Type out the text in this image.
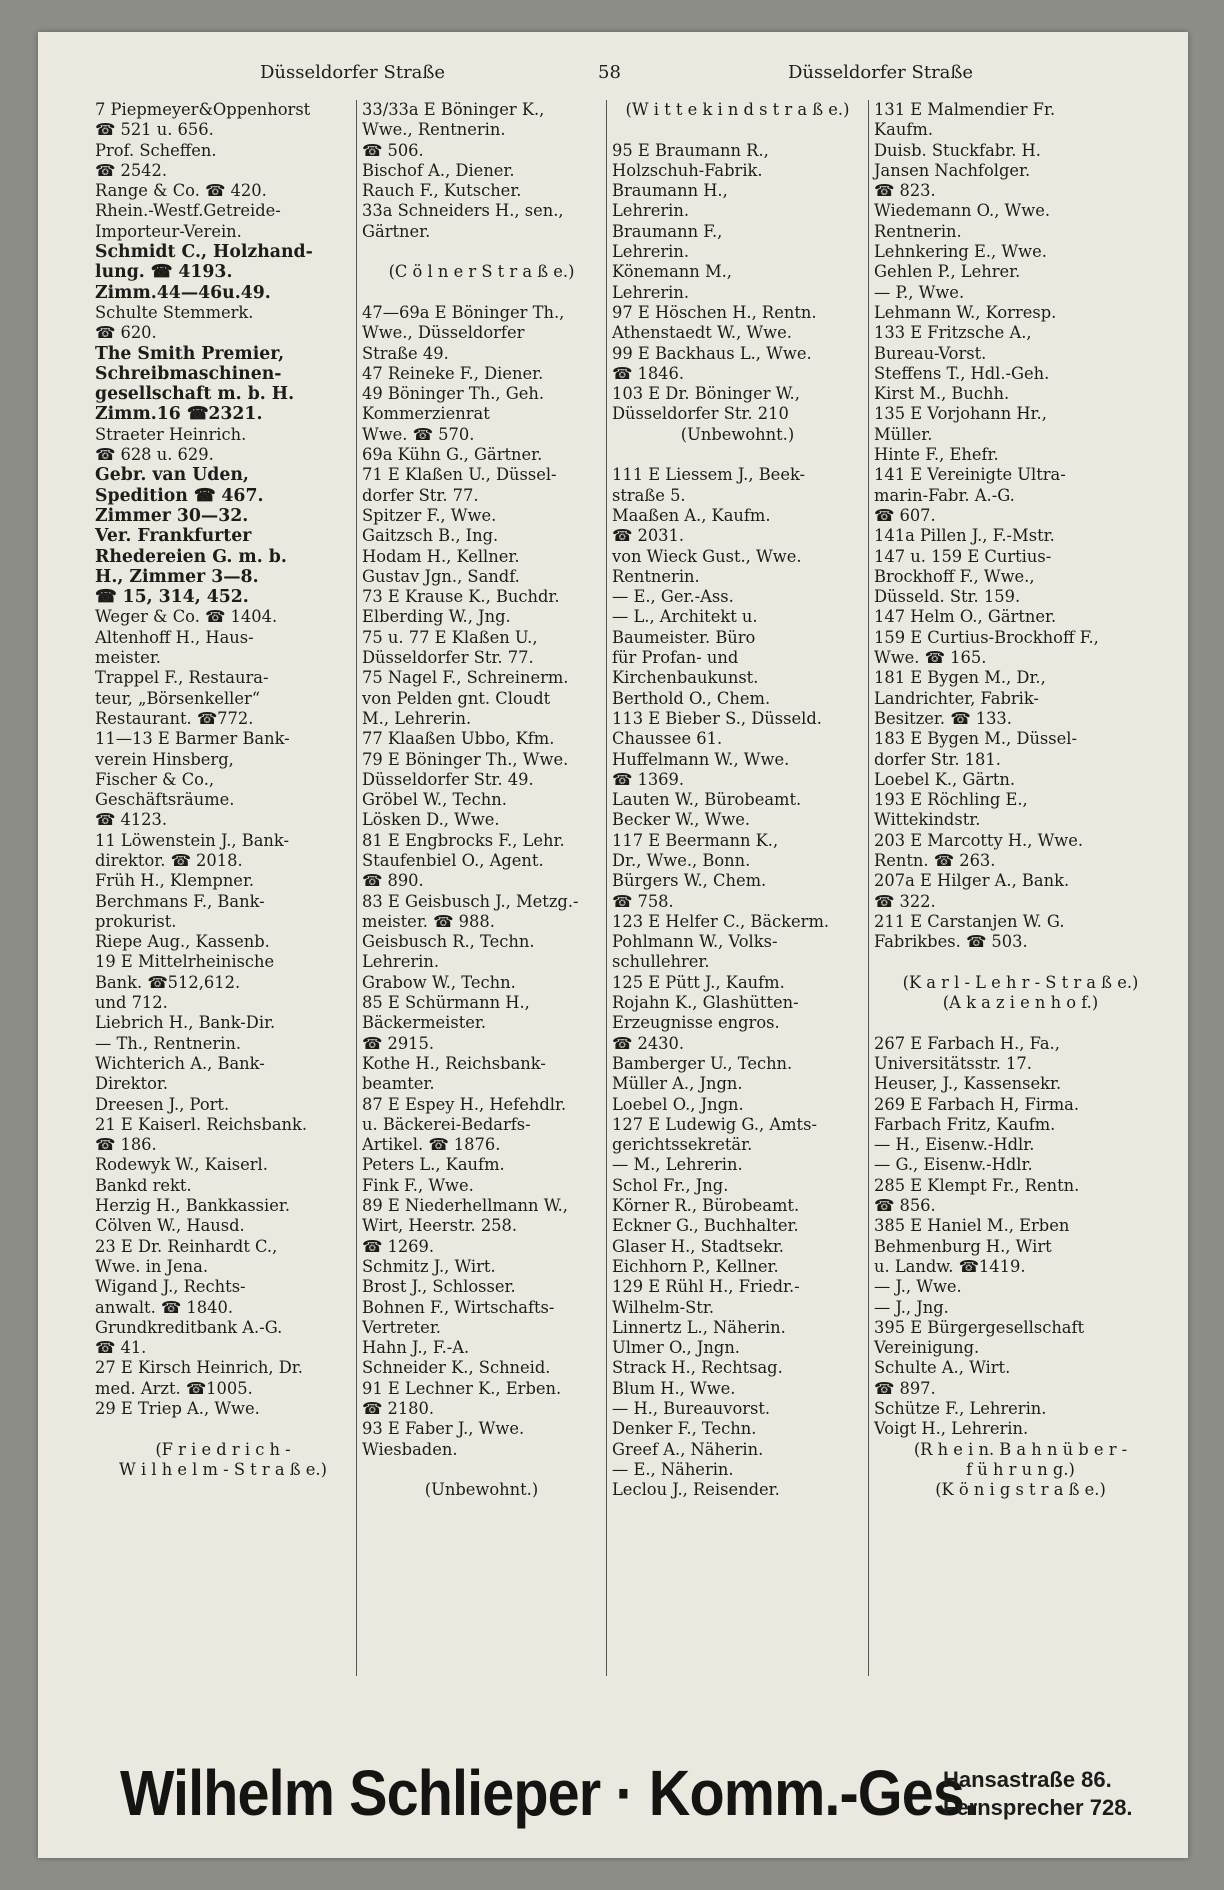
Düsseldorfer Straße	58	Düsseldorfer Straße
7 Piepmeyer&Oppenhorst
☎ 521 u. 656.
Prof. Scheffen.
☎ 2542.
Range & Co. ☎ 420.
Rhein.-Westf.Getreide-
Importeur-Verein.
Schmidt C., Holzhand-
lung. ☎ 4193.
Zimm.44—46u.49.
Schulte Stemmerk.
☎ 620.
The Smith Premier,
Schreibmaschinen-
gesellschaft m. b. H.
Zimm.16 ☎2321.
Straeter Heinrich.
☎ 628 u. 629.
Gebr. van Uden,
Spedition ☎ 467.
Zimmer 30—32.
Ver. Frankfurter
Rhedereien G. m. b.
H., Zimmer 3—8.
☎ 15, 314, 452.
Weger & Co. ☎ 1404.
Altenhoff H., Haus-
meister.
Trappel F., Restaura-
teur, „Börsenkeller“
Restaurant. ☎772.
11—13 E Barmer Bank-
verein Hinsberg,
Fischer & Co.,
Geschäftsräume.
☎ 4123.
11 Löwenstein J., Bank-
direktor. ☎ 2018.
Früh H., Klempner.
Berchmans F., Bank-
prokurist.
Riepe Aug., Kassenb.
19 E Mittelrheinische
Bank. ☎512,612.
und 712.
Liebrich H., Bank-Dir.
— Th., Rentnerin.
Wichterich A., Bank-
Direktor.
Dreesen J., Port.
21 E Kaiserl. Reichsbank.
☎ 186.
Rodewyk W., Kaiserl.
Bankd rekt.
Herzig H., Bankkassier.
Cölven W., Hausd.
23 E Dr. Reinhardt C.,
Wwe. in Jena.
Wigand J., Rechts-
anwalt. ☎ 1840.
Grundkreditbank A.-G.
☎ 41.
27 E Kirsch Heinrich, Dr.
med. Arzt. ☎1005.
29 E Triep A., Wwe.

(F r i e d r i c h -
W i l h e l m - S t r a ß e.)
33/33a E Böninger K.,
Wwe., Rentnerin.
☎ 506.
Bischof A., Diener.
Rauch F., Kutscher.
33a Schneiders H., sen.,
Gärtner.

(C ö l n e r S t r a ß e.)

47—69a E Böninger Th.,
Wwe., Düsseldorfer
Straße 49.
47 Reineke F., Diener.
49 Böninger Th., Geh.
Kommerzienrat
Wwe. ☎ 570.
69a Kühn G., Gärtner.
71 E Klaßen U., Düssel-
dorfer Str. 77.
Spitzer F., Wwe.
Gaitzsch B., Ing.
Hodam H., Kellner.
Gustav Jgn., Sandf.
73 E Krause K., Buchdr.
Elberding W., Jng.
75 u. 77 E Klaßen U.,
Düsseldorfer Str. 77.
75 Nagel F., Schreinerm.
von Pelden gnt. Cloudt
M., Lehrerin.
77 Klaaßen Ubbo, Kfm.
79 E Böninger Th., Wwe.
Düsseldorfer Str. 49.
Gröbel W., Techn.
Lösken D., Wwe.
81 E Engbrocks F., Lehr.
Staufenbiel O., Agent.
☎ 890.
83 E Geisbusch J., Metzg.-
meister. ☎ 988.
Geisbusch R., Techn.
Lehrerin.
Grabow W., Techn.
85 E Schürmann H.,
Bäckermeister.
☎ 2915.
Kothe H., Reichsbank-
beamter.
87 E Espey H., Hefehdlr.
u. Bäckerei-Bedarfs-
Artikel. ☎ 1876.
Peters L., Kaufm.
Fink F., Wwe.
89 E Niederhellmann W.,
Wirt, Heerstr. 258.
☎ 1269.
Schmitz J., Wirt.
Brost J., Schlosser.
Bohnen F., Wirtschafts-
Vertreter.
Hahn J., F.-A.
Schneider K., Schneid.
91 E Lechner K., Erben.
☎ 2180.
93 E Faber J., Wwe.
Wiesbaden.

(Unbewohnt.)
(W i t t e k i n d s t r a ß e.)

95 E Braumann R.,
Holzschuh-Fabrik.
Braumann H.,
Lehrerin.
Braumann F.,
Lehrerin.
Könemann M.,
Lehrerin.
97 E Höschen H., Rentn.
Athenstaedt W., Wwe.
99 E Backhaus L., Wwe.
☎ 1846.
103 E Dr. Böninger W.,
Düsseldorfer Str. 210
(Unbewohnt.)

111 E Liessem J., Beek-
straße 5.
Maaßen A., Kaufm.
☎ 2031.
von Wieck Gust., Wwe.
Rentnerin.
— E., Ger.-Ass.
— L., Architekt u.
Baumeister. Büro
für Profan- und
Kirchenbaukunst.
Berthold O., Chem.
113 E Bieber S., Düsseld.
Chaussee 61.
Huffelmann W., Wwe.
☎ 1369.
Lauten W., Bürobeamt.
Becker W., Wwe.
117 E Beermann K.,
Dr., Wwe., Bonn.
Bürgers W., Chem.
☎ 758.
123 E Helfer C., Bäckerm.
Pohlmann W., Volks-
schullehrer.
125 E Pütt J., Kaufm.
Rojahn K., Glashütten-
Erzeugnisse engros.
☎ 2430.
Bamberger U., Techn.
Müller A., Jngn.
Loebel O., Jngn.
127 E Ludewig G., Amts-
gerichtssekretär.
— M., Lehrerin.
Schol Fr., Jng.
Körner R., Bürobeamt.
Eckner G., Buchhalter.
Glaser H., Stadtsekr.
Eichhorn P., Kellner.
129 E Rühl H., Friedr.-
Wilhelm-Str.
Linnertz L., Näherin.
Ulmer O., Jngn.
Strack H., Rechtsag.
Blum H., Wwe.
— H., Bureauvorst.
Denker F., Techn.
Greef A., Näherin.
— E., Näherin.
Leclou J., Reisender.
131 E Malmendier Fr.
Kaufm.
Duisb. Stuckfabr. H.
Jansen Nachfolger.
☎ 823.
Wiedemann O., Wwe.
Rentnerin.
Lehnkering E., Wwe.
Gehlen P., Lehrer.
— P., Wwe.
Lehmann W., Korresp.
133 E Fritzsche A.,
Bureau-Vorst.
Steffens T., Hdl.-Geh.
Kirst M., Buchh.
135 E Vorjohann Hr.,
Müller.
Hinte F., Ehefr.
141 E Vereinigte Ultra-
marin-Fabr. A.-G.
☎ 607.
141a Pillen J., F.-Mstr.
147 u. 159 E Curtius-
Brockhoff F., Wwe.,
Düsseld. Str. 159.
147 Helm O., Gärtner.
159 E Curtius-Brockhoff F.,
Wwe. ☎ 165.
181 E Bygen M., Dr.,
Landrichter, Fabrik-
Besitzer. ☎ 133.
183 E Bygen M., Düssel-
dorfer Str. 181.
Loebel K., Gärtn.
193 E Röchling E.,
Wittekindstr.
203 E Marcotty H., Wwe.
Rentn. ☎ 263.
207a E Hilger A., Bank.
☎ 322.
211 E Carstanjen W. G.
Fabrikbes. ☎ 503.

(K a r l - L e h r - S t r a ß e.)
(A k a z i e n h o f.)

267 E Farbach H., Fa.,
Universitätsstr. 17.
Heuser, J., Kassensekr.
269 E Farbach H, Firma.
Farbach Fritz, Kaufm.
— H., Eisenw.-Hdlr.
— G., Eisenw.-Hdlr.
285 E Klempt Fr., Rentn.
☎ 856.
385 E Haniel M., Erben
Behmenburg H., Wirt
u. Landw. ☎1419.
— J., Wwe.
— J., Jng.
395 E Bürgergesellschaft
Vereinigung.
Schulte A., Wirt.
☎ 897.
Schütze F., Lehrerin.
Voigt H., Lehrerin.
(R h e i n. B a h n ü b e r -
f ü h r u n g.)
(K ö n i g s t r a ß e.)
Wilhelm Schlieper · Komm.-Ges.
Hansastraße 86.
Fernsprecher 728.
